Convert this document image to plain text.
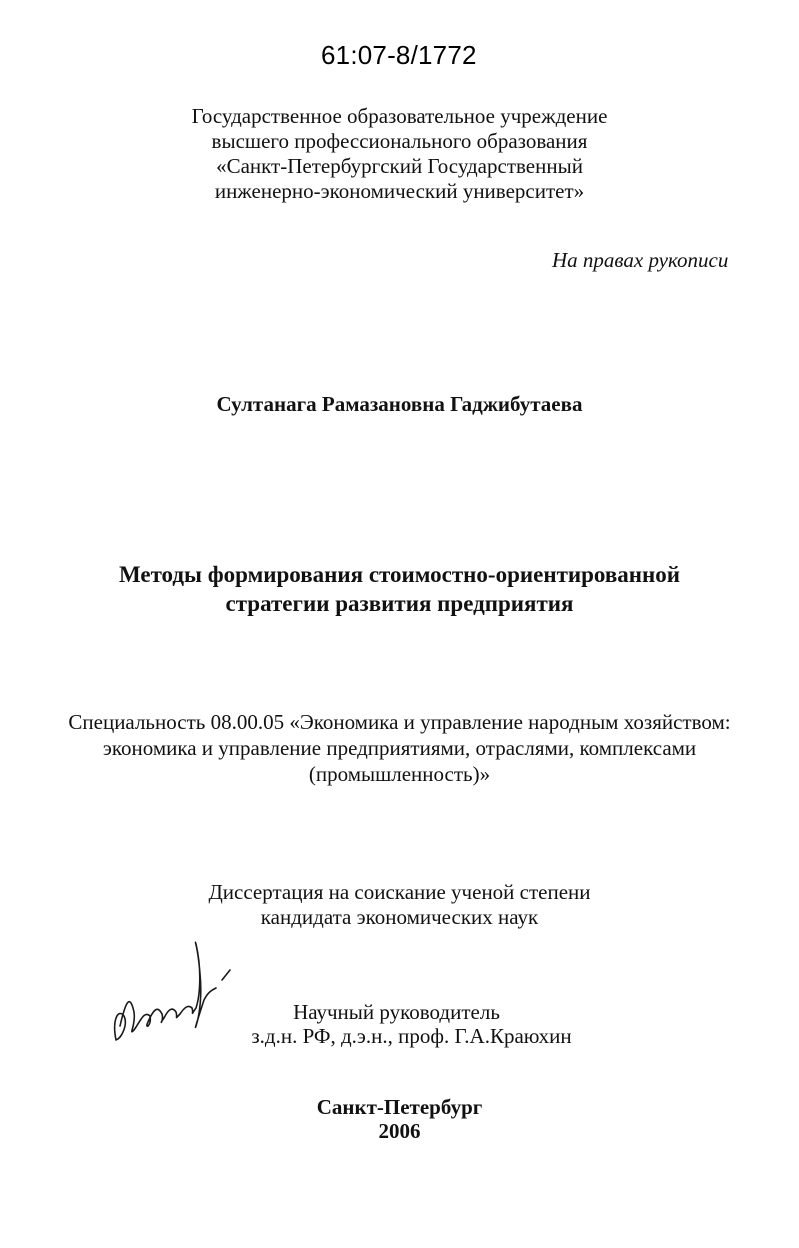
61:07-8/1772
Государственное образовательное учреждение
высшего профессионального образования
«Санкт-Петербургский Государственный
инженерно-экономический университет»
На правах рукописи
Султанага Рамазановна Гаджибутаева
Методы формирования стоимостно-ориентированной
стратегии развития предприятия
Специальность 08.00.05 «Экономика и управление народным хозяйством:
экономика и управление предприятиями, отраслями, комплексами
(промышленность)»
Диссертация на соискание ученой степени
кандидата экономических наук
Научный руководитель
з.д.н. РФ, д.э.н., проф. Г.А.Краюхин
Санкт-Петербург
2006
